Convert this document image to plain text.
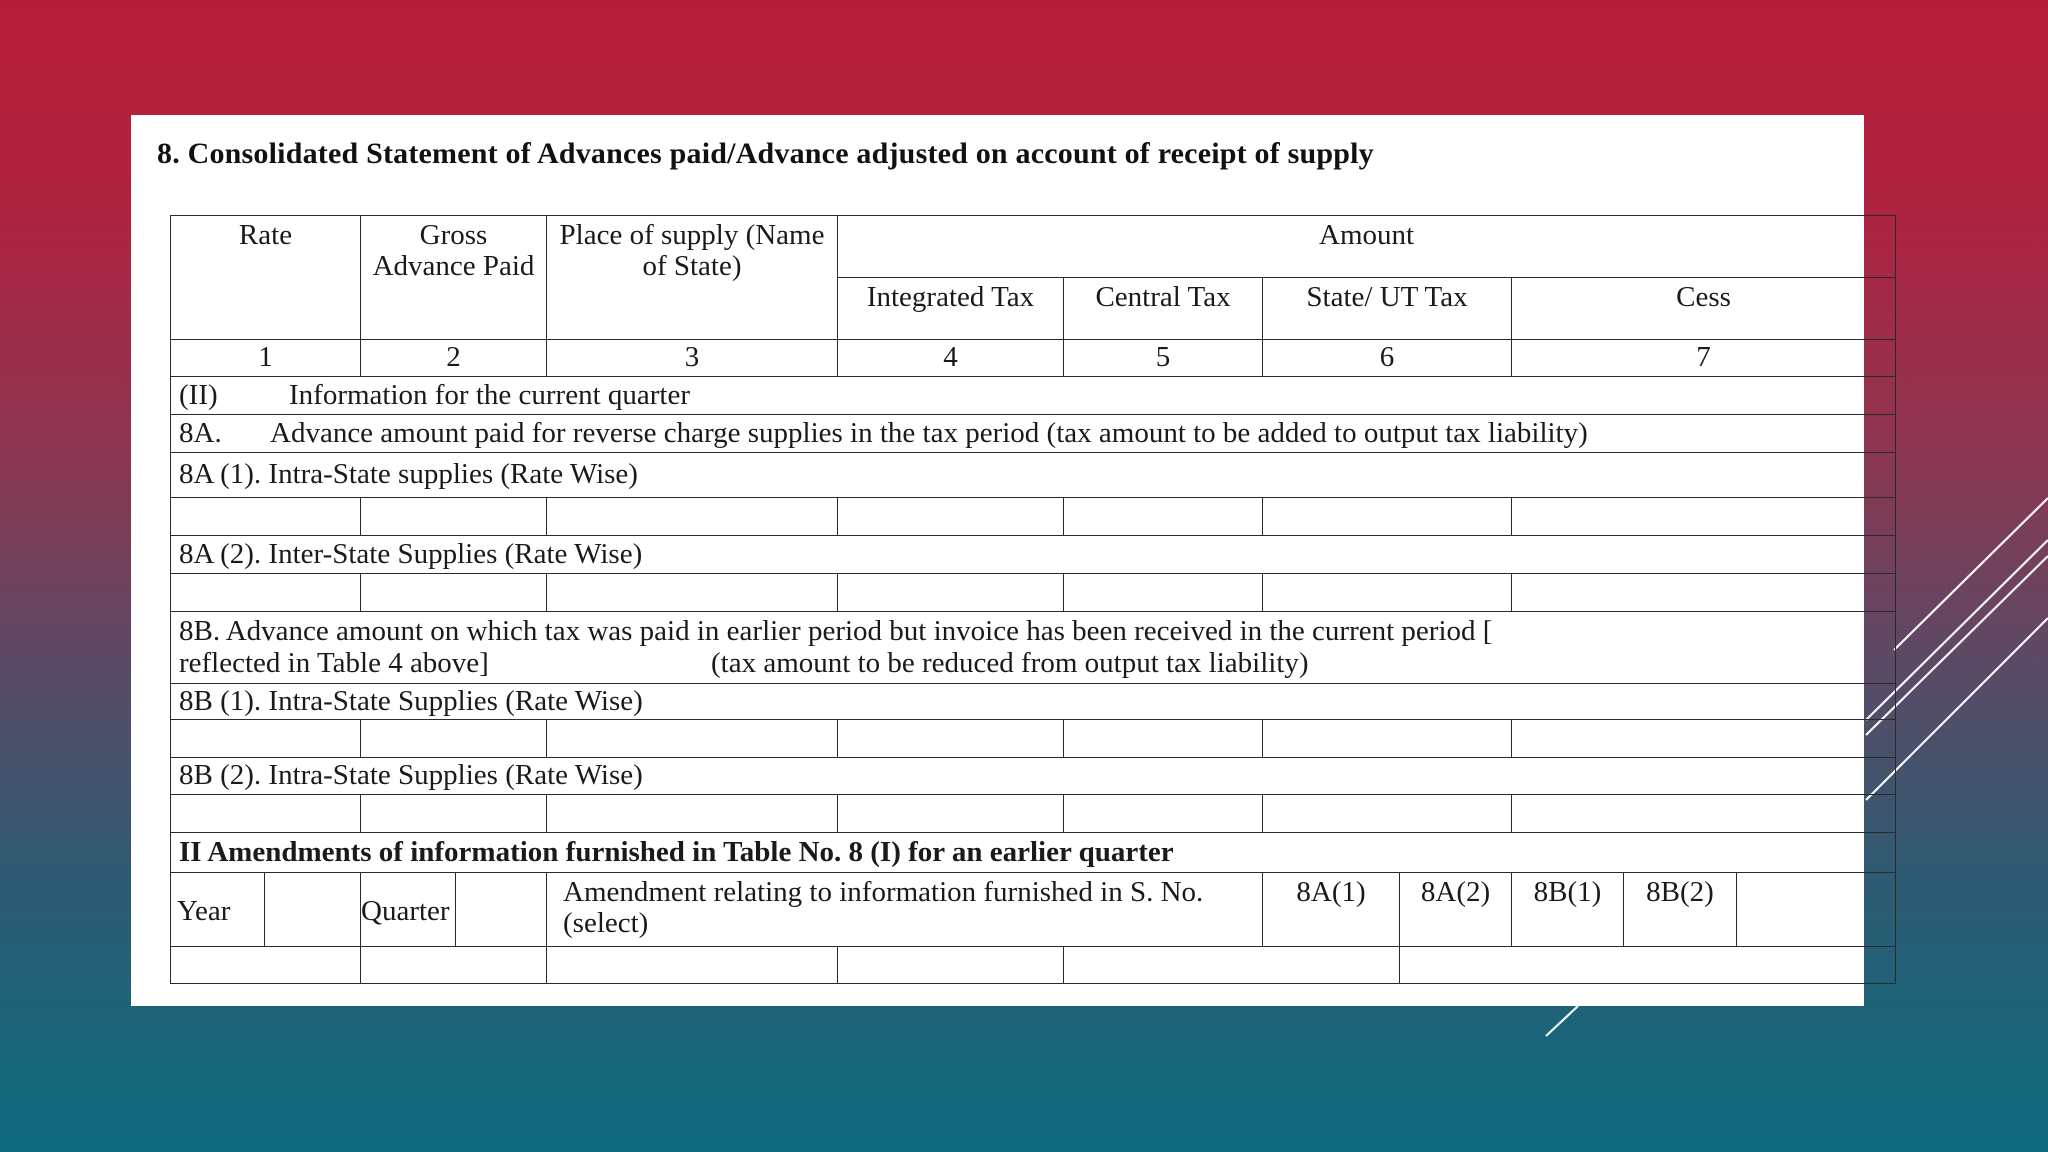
8. Consolidated Statement of Advances paid/Advance adjusted on account of receipt of supply
Rate		Gross Advance Paid		Place of supply (Name of State)	Amount						
					Integrated Tax	Central Tax	State/ UT Tax		Cess		
1		2		3	4	5	6		7		
(II) Information for the current quarter											
8A. Advance amount paid for reverse charge supplies in the tax period (tax amount to be added to output tax liability)											
8A (1). Intra-State supplies (Rate Wise)											

8A (2). Inter-State Supplies (Rate Wise)											

8B. Advance amount on which tax was paid in earlier period but invoice has been received in the current period [
reflected in Table 4 above] (tax amount to be reduced from output tax liability)											

8B (1). Intra-State Supplies (Rate Wise)											

8B (2). Intra-State Supplies (Rate Wise)											

II Amendments of information furnished in Table No. 8 (I) for an earlier quarter											
Year		Quarter		Amendment relating to information furnished in S. No.(select)			8A(1)	8A(2)	8B(1)	8B(2)	
